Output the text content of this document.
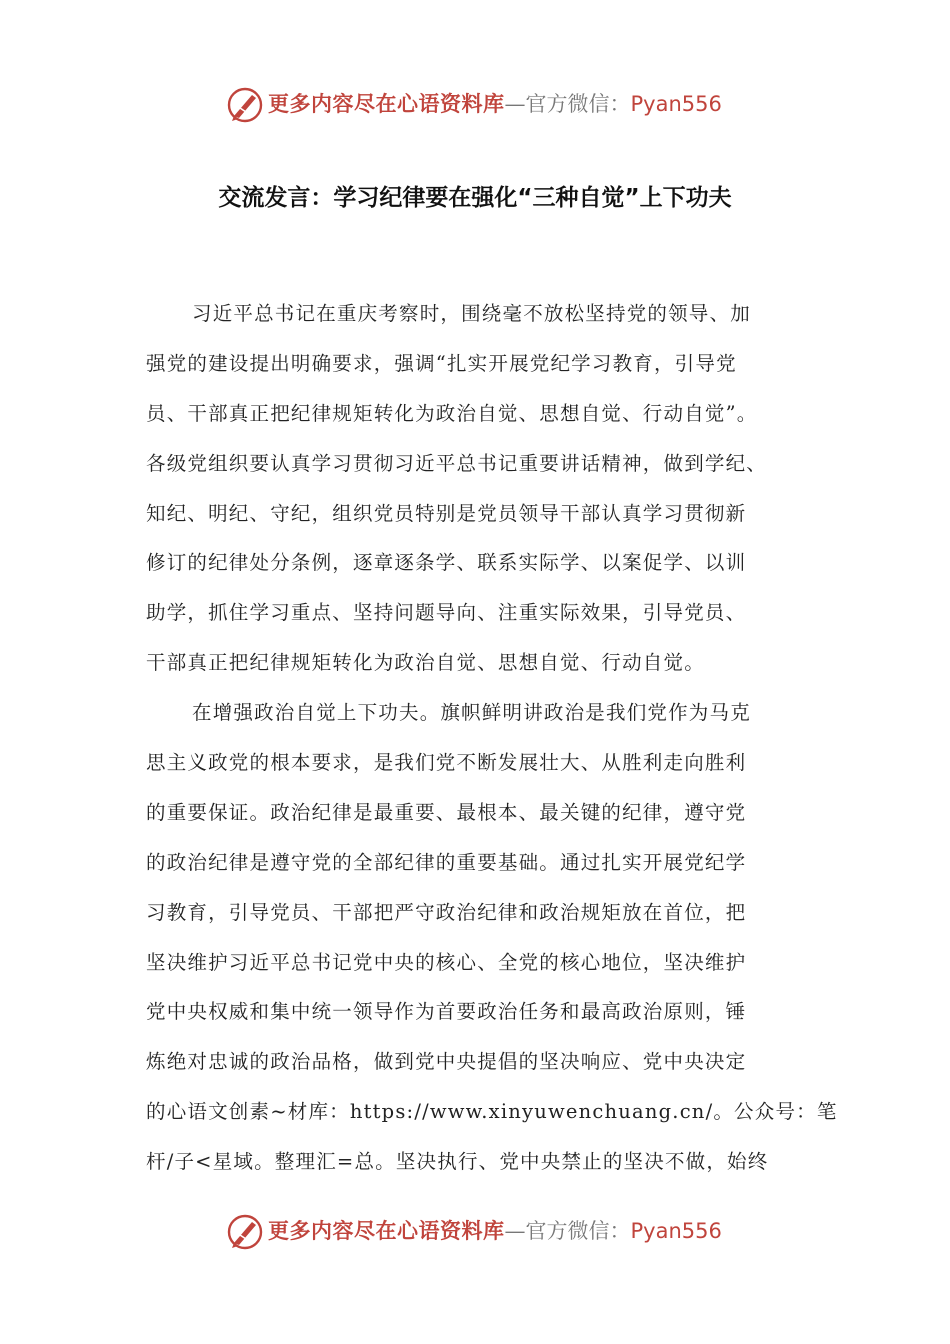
更多内容尽在心语资料库—官方微信：Pyan556
交流发言：学习纪律要在强化“三种自觉”上下功夫
习近平总书记在重庆考察时，围绕毫不放松坚持党的领导、加
强党的建设提出明确要求，强调“扎实开展党纪学习教育，引导党
员、干部真正把纪律规矩转化为政治自觉、思想自觉、行动自觉”。
各级党组织要认真学习贯彻习近平总书记重要讲话精神，做到学纪、
知纪、明纪、守纪，组织党员特别是党员领导干部认真学习贯彻新
修订的纪律处分条例，逐章逐条学、联系实际学、以案促学、以训
助学，抓住学习重点、坚持问题导向、注重实际效果，引导党员、
干部真正把纪律规矩转化为政治自觉、思想自觉、行动自觉。
在增强政治自觉上下功夫。旗帜鲜明讲政治是我们党作为马克
思主义政党的根本要求，是我们党不断发展壮大、从胜利走向胜利
的重要保证。政治纪律是最重要、最根本、最关键的纪律，遵守党
的政治纪律是遵守党的全部纪律的重要基础。通过扎实开展党纪学
习教育，引导党员、干部把严守政治纪律和政治规矩放在首位，把
坚决维护习近平总书记党中央的核心、全党的核心地位，坚决维护
党中央权威和集中统一领导作为首要政治任务和最高政治原则，锤
炼绝对忠诚的政治品格，做到党中央提倡的坚决响应、党中央决定
的心语文创素~材库：https://www.xinyuwenchuang.cn/。公众号：笔
杆/子<星域。整理汇=总。坚决执行、党中央禁止的坚决不做，始终
更多内容尽在心语资料库—官方微信：Pyan556
